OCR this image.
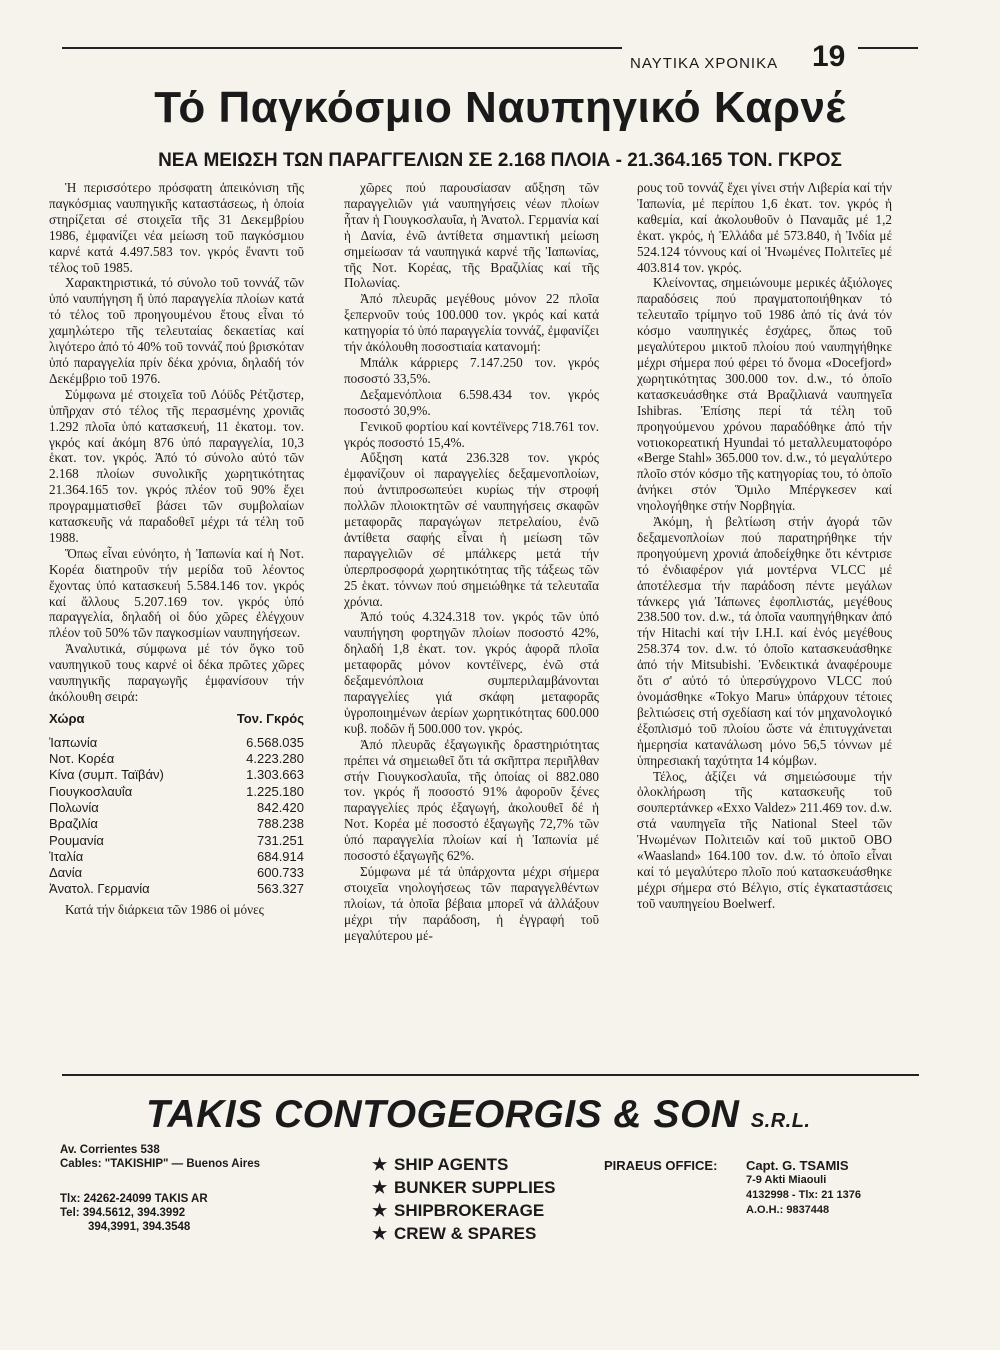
ΝΑΥΤΙΚΑ ΧΡΟΝΙΚΑ 19
Τό Παγκόσμιο Ναυπηγικό Καρνέ
ΝΕΑ ΜΕΙΩΣΗ ΤΩΝ ΠΑΡΑΓΓΕΛΙΩΝ ΣΕ 2.168 ΠΛΟΙΑ - 21.364.165 ΤΟΝ. ΓΚΡΟΣ

Ἡ περισσότερο πρόσφατη ἀπεικόνιση τῆς παγκόσμιας ναυπηγικῆς καταστάσεως, ἡ ὁποία στηρίζεται σέ στοιχεῖα τῆς 31 Δεκεμβρίου 1986, ἐμφανίζει νέα μείωση τοῦ παγκόσμιου καρνέ κατά 4.497.583 τον. γκρός ἔναντι τοῦ τέλος τοῦ 1985.

Χαρακτηριστικά, τό σύνολο τοῦ τοννάζ τῶν ὑπό ναυπήγηση ἤ ὑπό παραγγελία πλοίων κατά τό τέλος τοῦ προηγουμένου ἔτους εἶναι τό χαμηλώτερο τῆς τελευταίας δεκαετίας καί λιγότερο ἀπό τό 40% τοῦ τοννάζ πού βρισκόταν ὑπό παραγγελία πρίν δέκα χρόνια, δηλαδή τόν Δεκέμβριο τοῦ 1976.

Σύμφωνα μέ στοιχεῖα τοῦ Λόϋδς Ρέτζιστερ, ὑπῆρχαν στό τέλος τῆς περασμένης χρονιᾶς 1.292 πλοῖα ὑπό κατασκευή, 11 ἑκατομ. τον. γκρός καί ἀκόμη 876 ὑπό παραγγελία, 10,3 ἑκατ. τον. γκρός. Ἀπό τό σύνολο αὐτό τῶν 2.168 πλοίων συνολικῆς χωρητικότητας 21.364.165 τον. γκρός πλέον τοῦ 90% ἔχει προγραμματισθεῖ βάσει τῶν συμβολαίων κατασκευῆς νά παραδοθεῖ μέχρι τά τέλη τοῦ 1988.

Ὅπως εἶναι εὐνόητο, ἡ Ἰαπωνία καί ἡ Νοτ. Κορέα διατηροῦν τήν μερίδα τοῦ λέοντος ἔχοντας ὑπό κατασκευή 5.584.146 τον. γκρός καί ἄλλους 5.207.169 τον. γκρός ὑπό παραγγελία, δηλαδή οἱ δύο χῶρες ἐλέγχουν πλέον τοῦ 50% τῶν παγκοσμίων ναυπηγήσεων.

Ἀναλυτικά, σύμφωνα μέ τόν ὄγκο τοῦ ναυπηγικοῦ τους καρνέ οἱ δέκα πρῶτες χῶρες ναυπηγικῆς παραγωγῆς ἐμφανίσουν τήν ἀκόλουθη σειρά:

Χώρα	Τον. Γκρός
Ἰαπωνία	6.568.035
Νοτ. Κορέα	4.223.280
Κίνα (συμπ. Ταϊβάν)	1.303.663
Γιουγκοσλαυΐα	1.225.180
Πολωνία	842.420
Βραζιλία	788.238
Ρουμανία	731.251
Ἰταλία	684.914
Δανία	600.733
Ἀνατολ. Γερμανία	563.327

Κατά τήν διάρκεια τῶν 1986 οἱ μόνες

χῶρες πού παρουσίασαν αὔξηση τῶν παραγγελιῶν γιά ναυπηγήσεις νέων πλοίων ἦταν ἡ Γιουγκοσλαυΐα, ἡ Ἀνατολ. Γερμανία καί ἡ Δανία, ἐνῶ ἀντίθετα σημαντική μείωση σημείωσαν τά ναυπηγικά καρνέ τῆς Ἰαπωνίας, τῆς Νοτ. Κορέας, τῆς Βραζιλίας καί τῆς Πολωνίας.

Ἀπό πλευρᾶς μεγέθους μόνον 22 πλοῖα ξεπερνοῦν τούς 100.000 τον. γκρός καί κατά κατηγορία τό ὑπό παραγγελία τοννάζ, ἐμφανίζει τήν ἀκόλουθη ποσοστιαία κατανομή:

Μπάλκ κάρριερς 7.147.250 τον. γκρός ποσοστό 33,5%.

Δεξαμενόπλοια 6.598.434 τον. γκρός ποσοστό 30,9%.

Γενικοῦ φορτίου καί κοντέϊνερς 718.761 τον. γκρός ποσοστό 15,4%.

Αὔξηση κατά 236.328 τον. γκρός ἐμφανίζουν οἱ παραγγελίες δεξαμενοπλοίων, πού ἀντιπροσωπεύει κυρίως τήν στροφή πολλῶν πλοιοκτητῶν σέ ναυπηγήσεις σκαφῶν μεταφορᾶς παραγώγων πετρελαίου, ἐνῶ ἀντίθετα σαφής εἶναι ἡ μείωση τῶν παραγγελιῶν σέ μπάλκερς μετά τήν ὑπερπροσφορά χωρητικότητας τῆς τάξεως τῶν 25 ἑκατ. τόννων πού σημειώθηκε τά τελευταῖα χρόνια.

Ἀπό τούς 4.324.318 τον. γκρός τῶν ὑπό ναυπήγηση φορτηγῶν πλοίων ποσοστό 42%, δηλαδή 1,8 ἑκατ. τον. γκρός ἀφορᾶ πλοῖα μεταφορᾶς μόνον κοντέϊνερς, ἐνῶ στά δεξαμενόπλοια συμπεριλαμβάνονται παραγγελίες γιά σκάφη μεταφορᾶς ὑγροποιημένων ἀερίων χωρητικότητας 600.000 κυβ. ποδῶν ἤ 500.000 τον. γκρός.

Ἀπό πλευρᾶς ἐξαγωγικῆς δραστηριότητας πρέπει νά σημειωθεῖ ὅτι τά σκῆπτρα περιῆλθαν στήν Γιουγκοσλαυΐα, τῆς ὁποίας οἱ 882.080 τον. γκρός ἤ ποσοστό 91% ἀφοροῦν ξένες παραγγελίες πρός ἐξαγωγή, ἀκολουθεῖ δέ ἡ Νοτ. Κορέα μέ ποσοστό ἐξαγωγῆς 72,7% τῶν ὑπό παραγγελία πλοίων καί ἡ Ἰαπωνία μέ ποσοστό ἐξαγωγῆς 62%.

Σύμφωνα μέ τά ὑπάρχοντα μέχρι σήμερα στοιχεῖα νηολογήσεως τῶν παραγγελθέντων πλοίων, τά ὁποῖα βέβαια μπορεῖ νά ἀλλάξουν μέχρι τήν παράδοση, ἡ ἐγγραφή τοῦ μεγαλύτερου μέ-

ρους τοῦ τοννάζ ἔχει γίνει στήν Λιβερία καί τήν Ἰαπωνία, μέ περίπου 1,6 ἑκατ. τον. γκρός ἡ καθεμία, καί ἀκολουθοῦν ὁ Παναμᾶς μέ 1,2 ἑκατ. γκρός, ἡ Ἑλλάδα μέ 573.840, ἡ Ἰνδία μέ 524.124 τόννους καί οἱ Ἡνωμένες Πολιτεῖες μέ 403.814 τον. γκρός.

Κλείνοντας, σημειώνουμε μερικές ἀξιόλογες παραδόσεις πού πραγματοποιήθηκαν τό τελευταῖο τρίμηνο τοῦ 1986 ἀπό τίς ἀνά τόν κόσμο ναυπηγικές ἐσχάρες, ὅπως τοῦ μεγαλύτερου μικτοῦ πλοίου πού ναυπηγήθηκε μέχρι σήμερα πού φέρει τό ὄνομα «Docefjord» χωρητικότητας 300.000 τον. d.w., τό ὁποῖο κατασκευάσθηκε στά Βραζιλιανά ναυπηγεῖα Ishibras. Ἐπίσης περί τά τέλη τοῦ προηγούμενου χρόνου παραδόθηκε ἀπό τήν νοτιοκορεατική Hyundai τό μεταλλευματοφόρο «Berge Stahl» 365.000 τον. d.w., τό μεγαλύτερο πλοῖο στόν κόσμο τῆς κατηγορίας του, τό ὁποῖο ἀνήκει στόν Ὅμιλο Μπέργκεσεν καί νηολογήθηκε στήν Νορβηγία.

Ἀκόμη, ἡ βελτίωση στήν ἀγορά τῶν δεξαμενοπλοίων πού παρατηρήθηκε τήν προηγούμενη χρονιά ἀποδείχθηκε ὅτι κέντρισε τό ἐνδιαφέρον γιά μοντέρνα VLCC μέ ἀποτέλεσμα τήν παράδοση πέντε μεγάλων τάνκερς γιά Ἰάπωνες ἐφοπλιστάς, μεγέθους 238.500 τον. d.w., τά ὁποῖα ναυπηγήθηκαν ἀπό τήν Hitachi καί τήν I.H.I. καί ἑνός μεγέθους 258.374 τον. d.w. τό ὁποῖο κατασκευάσθηκε ἀπό τήν Mitsubishi. Ἐνδεικτικά ἀναφέρουμε ὅτι σ' αὐτό τό ὑπερσύγχρονο VLCC πού ὀνομάσθηκε «Tokyo Maru» ὑπάρχουν τέτοιες βελτιώσεις στή σχεδίαση καί τόν μηχανολογικό ἐξοπλισμό τοῦ πλοίου ὥστε νά ἐπιτυγχάνεται ἡμερησία κατανάλωση μόνο 56,5 τόννων μέ ὑπηρεσιακή ταχύτητα 14 κόμβων.

Τέλος, ἀξίζει νά σημειώσουμε τήν ὁλοκλήρωση τῆς κατασκευῆς τοῦ σουπερτάνκερ «Exxo Valdez» 211.469 τον. d.w. στά ναυπηγεῖα τῆς National Steel τῶν Ἡνωμένων Πολιτειῶν καί τοῦ μικτοῦ OBO «Waasland» 164.100 τον. d.w. τό ὁποῖο εἶναι καί τό μεγαλύτερο πλοῖο πού κατασκευάσθηκε μέχρι σήμερα στό Βέλγιο, στίς ἐγκαταστάσεις τοῦ ναυπηγείου Boelwerf.

TAKIS CONTOGEORGIS & SON S.R.L.
Av. Corrientes 538
Cables: "TAKISHIP" — Buenos Aires
Tlx: 24262-24099 TAKIS AR
Tel: 394.5612, 394.3992
394,3991, 394.3548
★ SHIP AGENTS
★ BUNKER SUPPLIES
★ SHIPBROKERAGE
★ CREW & SPARES
PIRAEUS OFFICE: Capt. G. TSAMIS
7-9 Akti Miaouli
4132998 - Tlx: 21 1376
A.O.H.: 9837448
